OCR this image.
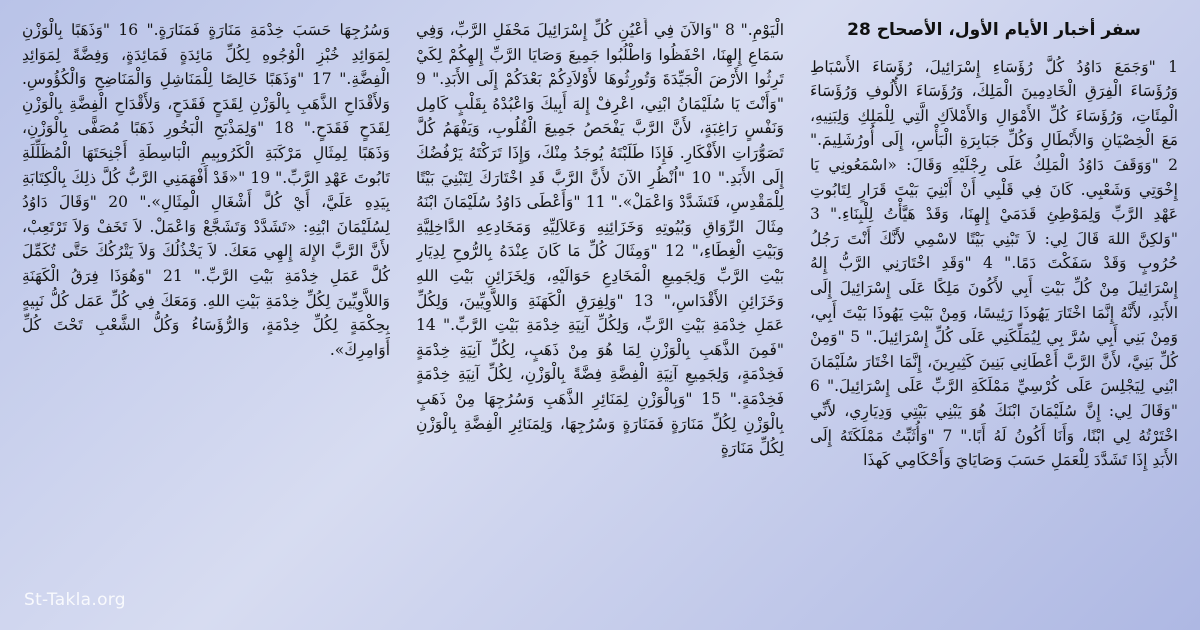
سفر أخبار الأيام الأول، الأصحاح 28

1 "وَجَمَعَ دَاوُدُ كُلَّ رُؤَسَاءِ إِسْرَائِيلَ، رُؤَسَاءَ الأَسْبَاطِ وَرُؤَسَاءَ الْفِرَقِ الْخَادِمِينَ الْمَلِكَ، وَرُؤَسَاءَ الأُلُوفِ وَرُؤَسَاءَ الْمِئَاتِ، وَرُؤَسَاءَ كُلِّ الأَمْوَالِ وَالأَمْلاَكِ الَّتِي لِلْمَلِكِ وَلِبَنِيهِ، مَعَ الْخِصْيَانِ وَالأَبْطَالِ وَكُلِّ جَبَابِرَةِ الْبَأْسِ، إِلَى أُورُشَلِيمَ." 2 "وَوَقَفَ دَاوُدُ الْمَلِكُ عَلَى رِجْلَيْهِ وَقَالَ: «اسْمَعُونِي يَا إِخْوَتِي وَشَعْبِي. كَانَ فِي قَلْبِي أَنْ أَبْنِيَ بَيْتَ قَرَارٍ لِتَابُوتِ عَهْدِ الرَّبِّ وَلِمَوْطِئِ قَدَمَيْ إِلهِنَا، وَقَدْ هَيَّأْتُ لِلْبِنَاءِ." 3 "وَلكِنَّ اللهَ قَالَ لِي: لاَ تَبْنِي بَيْتًا لاسْمِي لأَنَّكَ أَنْتَ رَجُلُ حُرُوبٍ وَقَدْ سَفَكْتَ دَمًا." 4 "وَقَدِ اخْتَارَنِي الرَّبُّ إِلهُ إِسْرَائِيلَ مِنْ كُلِّ بَيْتِ أَبِي لأَكُونَ مَلِكًا عَلَى إِسْرَائِيلَ إِلَى الأَبَدِ، لأَنَّهُ إِنَّمَا اخْتَارَ يَهُوذَا رَئِيسًا، وَمِنْ بَيْتِ يَهُوذَا بَيْتَ أَبِي، وَمِنْ بَنِي أَبِي سُرَّ بِي لِيُمَلِّكَنِي عَلَى كُلِّ إِسْرَائِيلَ." 5 "وَمِنْ كُلِّ بَنِيَّ، لأَنَّ الرَّبَّ أَعْطَانِي بَنِينَ كَثِيرِينَ، إِنَّمَا اخْتَارَ سُلَيْمَانَ ابْنِي لِيَجْلِسَ عَلَى كُرْسِيِّ مَمْلَكَةِ الرَّبِّ عَلَى إِسْرَائِيلَ." 6 "وَقَالَ لِي: إِنَّ سُلَيْمَانَ ابْنَكَ هُوَ يَبْنِي بَيْتِي وَدِيَارِي، لأَنِّي اخْتَرْتُهُ لِي ابْنًا، وَأَنَا أَكُونُ لَهُ أَبًا." 7 "وَأُثَبِّتُ مَمْلَكَتَهُ إِلَى الأَبَدِ إِذَا تَشَدَّدَ لِلْعَمَلِ حَسَبَ وَصَايَايَ وَأَحْكَامِي كَهذَا

الْيَوْمِ." 8 "وَالآنَ فِي أَعْيُنِ كُلِّ إِسْرَائِيلَ مَحْفَلِ الرَّبِّ، وَفِي سَمَاعِ إِلهِنَا، احْفَظُوا وَاطْلُبُوا جَمِيعَ وَصَايَا الرَّبِّ إِلهِكُمْ لِكَيْ تَرِثُوا الأَرْضَ الْجَيِّدَةَ وَتُورِثُوهَا لأَوْلاَدِكُمْ بَعْدَكُمْ إِلَى الأَبَدِ." 9 "وَأَنْتَ يَا سُلَيْمَانُ ابْنِي، اعْرِفْ إِلهَ أَبِيكَ وَاعْبُدْهُ بِقَلْبٍ كَامِل وَنَفْسٍ رَاغِبَةٍ، لأَنَّ الرَّبَّ يَفْحَصُ جَمِيعَ الْقُلُوبِ، وَيَفْهَمُ كُلَّ تَصَوُّرَاتِ الأَفْكَارِ. فَإِذَا طَلَبْتَهُ يُوجَدُ مِنْكَ، وَإِذَا تَرَكْتَهُ يَرْفُضُكَ إِلَى الأَبَدِ." 10 "اُنْظُرِ الآنَ لأَنَّ الرَّبَّ قَدِ اخْتَارَكَ لِتَبْنِيَ بَيْتًا لِلْمَقْدِسِ، فَتَشَدَّدْ وَاعْمَلْ»." 11 "وَأَعْطَى دَاوُدُ سُلَيْمَانَ ابْنَهُ مِثَالَ الرِّوَاقِ وَبُيُوتِهِ وَخَزَائِنِهِ وَعَلاَلِيِّهِ وَمَخَادِعِهِ الدَّاخِلِيَّةِ وَبَيْتِ الْغِطَاءِ،" 12 "وَمِثَالَ كُلِّ مَا كَانَ عِنْدَهُ بِالرُّوحِ لِدِيَارِ بَيْتِ الرَّبِّ وَلِجَمِيعِ الْمَخَادِعِ حَوَالَيْهِ، وَلِخَزَائِنِ بَيْتِ اللهِ وَخَزَائِنِ الأَقْدَاسِ،" 13 "وَلِفِرَقِ الْكَهَنَةِ وَاللاَّوِيِّينَ، وَلِكُلِّ عَمَلِ خِدْمَةِ بَيْتِ الرَّبِّ، وَلِكُلِّ آنِيَةِ خِدْمَةِ بَيْتِ الرَّبِّ." 14 "فَمِنَ الذَّهَبِ بِالْوَزْنِ لِمَا هُوَ مِنْ ذَهَبٍ، لِكُلِّ آنِيَةِ خِدْمَةٍ فَخِدْمَةٍ، وَلِجَمِيعِ آنِيَةِ الْفِضَّةِ فِضَّةً بِالْوَزْنِ، لِكُلِّ آنِيَةِ خِدْمَةٍ فَخِدْمَةٍ." 15 "وَبِالْوَزْنِ لِمَنَائِرِ الذَّهَبِ وَسُرُجِهَا مِنْ ذَهَبٍ بِالْوَزْنِ لِكُلِّ مَنَارَةٍ فَمَنَارَةٍ وَسُرُجِهَا، وَلِمَنَائِرِ الْفِضَّةِ بِالْوَزْنِ لِكُلِّ مَنَارَةٍ

وَسُرُجِهَا حَسَبَ خِدْمَةِ مَنَارَةٍ فَمَنَارَةٍ." 16 "وَذَهَبًا بِالْوَزْنِ لِمَوَائِدِ خُبْزِ الْوُجُوهِ لِكُلِّ مَائِدَةٍ فَمَائِدَةٍ، وَفِضَّةً لِمَوَائِدِ الْفِضَّةِ." 17 "وَذَهَبًا خَالِصًا لِلْمَنَاشِلِ وَالْمَنَاضِحِ وَالْكُؤُوسِ. وَلأَقْدَاحِ الذَّهَبِ بِالْوَزْنِ لِقَدَحٍ فَقَدَحٍ، وَلأَقْدَاحِ الْفِضَّةِ بِالْوَزْنِ لِقَدَحٍ فَقَدَحٍ." 18 "وَلِمَذْبَحِ الْبَخُورِ ذَهَبًا مُصَفًّى بِالْوَزْنِ، وَذَهَبًا لِمِثَالِ مَرْكَبَةِ الْكَرُوبِيمِ الْبَاسِطَةِ أَجْنِحَتَهَا الْمُظَلِّلَةِ تَابُوتَ عَهْدِ الرَّبِّ." 19 "«قَدْ أَفْهَمَنِي الرَّبُّ كُلَّ ذلِكَ بِالْكِتَابَةِ بِيَدِهِ عَلَيَّ، أَيْ كُلَّ أَشْغَالِ الْمِثَالِ»." 20 "وَقَالَ دَاوُدُ لِسُلَيْمَانَ ابْنِهِ: «تَشَدَّدْ وَتَشَجَّعْ وَاعْمَلْ. لاَ تَخَفْ وَلاَ تَرْتَعِبْ، لأَنَّ الرَّبَّ الإِلهَ إِلهِي مَعَكَ. لاَ يَخْذُلُكَ وَلاَ يَتْرُكُكَ حَتَّى تُكَمِّلَ كُلَّ عَمَلِ خِدْمَةِ بَيْتِ الرَّبِّ." 21 "وَهُوَذَا فِرَقُ الْكَهَنَةِ وَاللاَّوِيِّينَ لِكُلِّ خِدْمَةِ بَيْتِ اللهِ. وَمَعَكَ فِي كُلِّ عَمَل كُلُّ نَبِيهٍ بِحِكْمَةٍ لِكُلِّ خِدْمَةٍ، وَالرُّؤَسَاءُ وَكُلُّ الشَّعْبِ تَحْتَ كُلِّ أَوَامِرِكَ».

St-Takla.org
